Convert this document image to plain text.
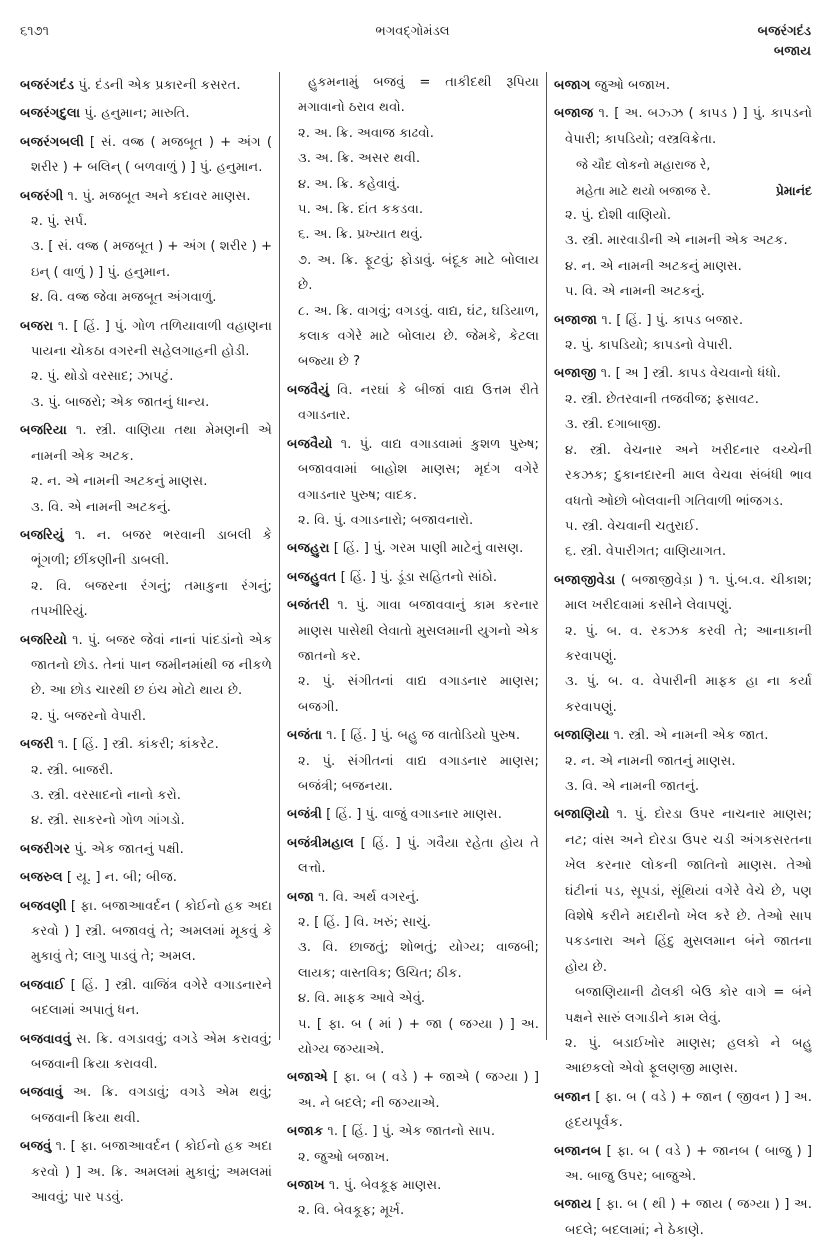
૬૧૭૧	ભગવદ્ગોમંડલ	બજરંગદંડ
બજાય

બજરંગદંડ પું. દંડની એક પ્રકારની કસરત.

બજરંગદુલા પું. હનુમાન; મારુતિ.

બજરંગબલી [ સં. વજ્ર ( મજબૂત ) + અંગ ( શરીર ) + બલિન્ ( બળવાળું ) ] પું. હનુમાન.

બજરંગી ૧. પું. મજબૂત અને કદાવર માણસ.

૨. પું. સર્પ.

૩. [ સં. વજ્ર ( મજબૂત ) + અંગ ( શરીર ) + ઇન્ ( વાળું ) ] પું. હનુમાન.

૪. વિ. વજ્ર જેવા મજબૂત અંગવાળું.

બજરા ૧. [ હિં. ] પું. ગોળ તળિયાવાળી વહાણના પાયના ચોકઠા વગરની સહેલગાહની હોડી.

૨. પું. થોડો વરસાદ; ઝાપટું.

૩. પું. બાજરો; એક જાતનું ધાન્ય.

બજરિયા ૧. સ્ત્રી. વાણિયા તથા મેમણની એ નામની એક અટક.

૨. ન. એ નામની અટકનું માણસ.

૩. વિ. એ નામની અટકનું.

બજરિયું ૧. ન. બજર ભરવાની ડાબલી કે ભૂંગળી; છીંકણીની ડાબલી.

૨. વિ. બજરના રંગનું; તમાકુના રંગનું; તપખીરિયું.

બજરિયો ૧. પું. બજર જેવાં નાનાં પાંદડાંનો એક જાતનો છોડ. તેનાં પાન જમીનમાંથી જ નીકળે છે. આ છોડ ચારથી છ ઇંચ મોટો થાય છે.

૨. પું. બજરનો વેપારી.

બજરી ૧. [ હિં. ] સ્ત્રી. કાંકરી; કાંકરેટ.

૨. સ્ત્રી. બાજરી.

૩. સ્ત્રી. વરસાદનો નાનો કરો.

૪. સ્ત્રી. સાકરનો ગોળ ગાંગડો.

બજરીગર પું. એક જાતનું પક્ષી.

બજરુલ [ યૂ. ] ન. બી; બીજ.

બજવણી [ ફા. બજાઆવર્દન ( કોઈનો હક અદા કરવો ) ] સ્ત્રી. બજાવવું તે; અમલમાં મૂકવું કે મુકાવું તે; લાગુ પાડવું તે; અમલ.

બજવાઈ [ હિં. ] સ્ત્રી. વાજિંત્ર વગેરે વગાડનારને બદલામાં અપાતું ધન.

બજવાવવું સ. ક્રિ. વગડાવવું; વગડે એમ કરાવવું; બજવાની ક્રિયા કરાવવી.

બજવાવું અ. ક્રિ. વગડાવું; વગડે એમ થવું; બજવાની ક્રિયા થવી.

બજવું ૧. [ ફા. બજાઆવર્દન ( કોઈનો હક અદા કરવો ) ] અ. ક્રિ. અમલમાં મુકાવું; અમલમાં આવવું; પાર પડવું.

હુકમનામું બજવું = તાકીદથી રૂપિયા મગાવાનો ઠરાવ થવો.

૨. અ. ક્રિ. અવાજ કાઢવો.

૩. અ. ક્રિ. અસર થવી.

૪. અ. ક્રિ. કહેવાવું.

૫. અ. ક્રિ. દાંત કકડવા.

૬. અ. ક્રિ. પ્રખ્યાત થવું.

૭. અ. ક્રિ. ફૂટવું; ફોડાવું. બંદૂક માટે બોલાય છે.

૮. અ. ક્રિ. વાગવું; વગડવું. વાદ્ય, ઘંટ, ઘડિયાળ, કલાક વગેરે માટે બોલાય છે. જેમકે, કેટલા બજ્યા છે ?

બજવૈયું વિ. નરઘાં કે બીજાં વાદ્ય ઉત્તમ રીતે વગાડનાર.

બજવૈયો ૧. પું. વાદ્ય વગાડવામાં કુશળ પુરુષ; બજાવવામાં બાહોશ માણસ; મૃદંગ વગેરે વગાડનાર પુરુષ; વાદક.

૨. વિ. પું. વગાડનારો; બજાવનારો.

બજહુરા [ હિં. ] પું. ગરમ પાણી માટેનું વાસણ.

બજહુવત [ હિં. ] પું. ડૂંડા સહિતનો સાંઠો.

બજંતરી ૧. પું. ગાવા બજાવવાનું કામ કરનાર માણસ પાસેથી લેવાતો મુસલમાની યુગનો એક જાતનો કર.

૨. પું. સંગીતનાં વાદ્ય વગાડનાર માણસ; બજગી.

બજંતા ૧. [ હિં. ] પું. બહુ જ વાતોડિયો પુરુષ.

૨. પું. સંગીતનાં વાદ્ય વગાડનાર માણસ; બજંત્રી; બજનયા.

બજંત્રી [ હિં. ] પું. વાજું વગાડનાર માણસ.

બજંત્રીમહાલ [ હિં. ] પું. ગવૈયા રહેતા હોય તે લત્તો.

બજા ૧. વિ. અર્થ વગરનું.

૨. [ હિં. ] વિ. ખરું; સાચું.

૩. વિ. છાજતું; શોભતું; યોગ્ય; વાજબી; લાયક; વાસ્તવિક; ઉચિત; ઠીક.

૪. વિ. માફક આવે એવું.

૫. [ ફા. બ ( માં ) + જા ( જગ્યા ) ] અ. યોગ્ય જગ્યાએ.

બજાએ [ ફા. બ ( વડે ) + જાએ ( જગ્યા ) ] અ. ને બદલે; ની જગ્યાએ.

બજાક ૧. [ હિં. ] પું. એક જાતનો સાપ.

૨. જુઓ બજાખ.

બજાખ ૧. પું. બેવકૂફ માણસ.

૨. વિ. બેવકૂફ; મૂર્ખ.

બજાગ જુઓ બજાખ.

બજાજ ૧. [ અ. બઝ્ઝ ( કાપડ ) ] પું. કાપડનો વેપારી; કાપડિયો; વસ્ત્રવિક્રેતા.

જે ચૌદ લોકનો મહારાજ રે,

પ્રેમાનંદ
મહેતા માટે થયો બજાજ રે.

૨. પું. દોશી વાણિયો.

૩. સ્ત્રી. મારવાડીની એ નામની એક અટક.

૪. ન. એ નામની અટકનું માણસ.

૫. વિ. એ નામની અટકનું.

બજાજા ૧. [ હિં. ] પું. કાપડ બજાર.

૨. પું. કાપડિયો; કાપડનો વેપારી.

બજાજી ૧. [ અ ] સ્ત્રી. કાપડ વેચવાનો ધંધો.

૨. સ્ત્રી. છેતરવાની તજવીજ; ફસાવટ.

૩. સ્ત્રી. દગાબાજી.

૪. સ્ત્રી. વેચનાર અને ખરીદનાર વચ્ચેની રકઝક; દુકાનદારની માલ વેચવા સંબંધી ભાવ વધતો ઓછો બોલવાની ગતિવાળી ભાંજગડ.

૫. સ્ત્રી. વેચવાની ચતુરાઈ.

૬. સ્ત્રી. વેપારીગત; વાણિયાગત.

બજાજીવેડા ( બજાજીવેડ઼ા ) ૧. પું.બ.વ. ચીકાશ; માલ ખરીદવામાં કસીને લેવાપણું.

૨. પું. બ. વ. રકઝક કરવી તે; આનાકાની કરવાપણું.

૩. પું. બ. વ. વેપારીની માફક હા ના કર્યા કરવાપણું.

બજાણિયા ૧. સ્ત્રી. એ નામની એક જાત.

૨. ન. એ નામની જાતનું માણસ.

૩. વિ. એ નામની જાતનું.

બજાણિયો ૧. પું. દોરડા ઉપર નાચનાર માણસ; નટ; વાંસ અને દોરડા ઉપર ચડી અંગકસરતના ખેલ કરનાર લોકની જાતિનો માણસ. તેઓ ઘંટીનાં પડ, સૂપડાં, સૂંથિયાં વગેરે વેચે છે, પણ વિશેષે કરીને મદારીનો ખેલ કરે છે. તેઓ સાપ પકડનારા અને હિંદુ મુસલમાન બંને જાતના હોય છે.

બજાણિયાની ઢોલકી બેઉ કોર વાગે = બંને પક્ષને સારું લગાડીને કામ લેવું.

૨. પું. બડાઈખોર માણસ; હલકો ને બહુ આછકલો એવો ફૂલણજી માણસ.

બજાન [ ફા. બ ( વડે ) + જાન ( જીવન ) ] અ. હૃદયપૂર્વક.

બજાનબ [ ફા. બ ( વડે ) + જાનબ ( બાજુ ) ] અ. બાજુ ઉપર; બાજુએ.

બજાય [ ફા. બ ( થી ) + જાય ( જગ્યા ) ] અ. બદલે; બદલામાં; ને ઠેકાણે.
